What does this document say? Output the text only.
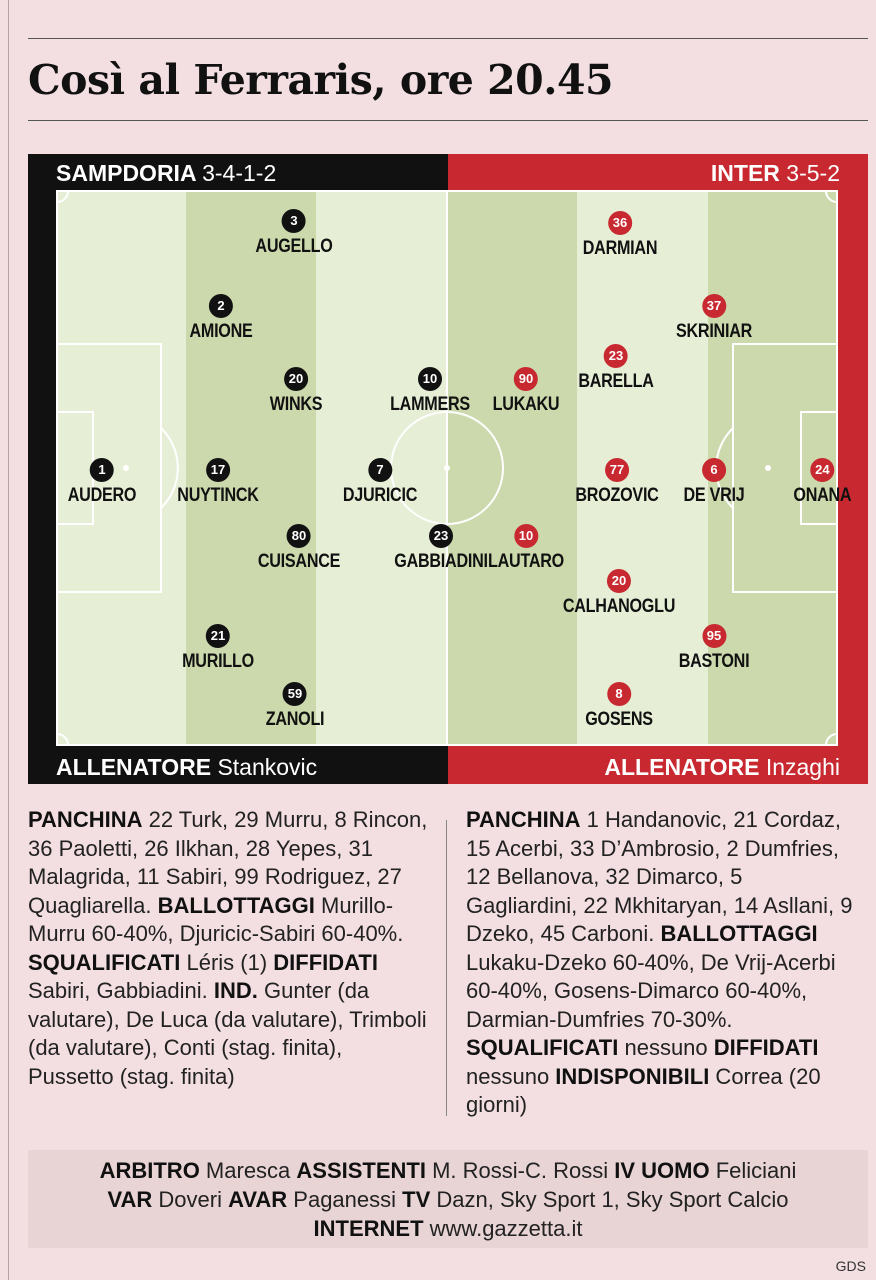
Così al Ferraris, ore 20.45
SAMPDORIA 3-4-1-2	INTER 3-5-2
3
AUGELLO
2
AMIONE
20
WINKS
10
LAMMERS
1
AUDERO
17
NUYTINCK
7
DJURICIC
80
CUISANCE
23
GABBIADINI
21
MURILLO
59
ZANOLI
36
DARMIAN
37
SKRINIAR
23
BARELLA
90
LUKAKU
77
BROZOVIC
6
DE VRIJ
24
ONANA
10
LAUTARO
20
CALHANOGLU
95
BASTONI
8
GOSENS
ALLENATORE Stankovic	ALLENATORE Inzaghi
PANCHINA 22 Turk, 29 Murru, 8 Rincon, 36 Paoletti, 26 Ilkhan, 28 Yepes, 31 Malagrida, 11 Sabiri, 99 Rodriguez, 27 Quagliarella. BALLOTTAGGI Murillo-Murru 60-40%, Djuricic-Sabiri 60-40%. SQUALIFICATI Léris (1) DIFFIDATI Sabiri, Gabbiadini. IND. Gunter (da valutare), De Luca (da valutare), Trimboli (da valutare), Conti (stag. finita), Pussetto (stag. finita)
PANCHINA 1 Handanovic, 21 Cordaz, 15 Acerbi, 33 D’Ambrosio, 2 Dumfries, 12 Bellanova, 32 Dimarco, 5 Gagliardini, 22 Mkhitaryan, 14 Asllani, 9 Dzeko, 45 Carboni. BALLOTTAGGI Lukaku-Dzeko 60-40%, De Vrij-Acerbi 60-40%, Gosens-Dimarco 60-40%, Darmian-Dumfries 70-30%. SQUALIFICATI nessuno DIFFIDATI nessuno INDISPONIBILI Correa (20 giorni)
ARBITRO Maresca ASSISTENTI M. Rossi-C. Rossi IV UOMO Feliciani
VAR Doveri AVAR Paganessi TV Dazn, Sky Sport 1, Sky Sport Calcio
INTERNET www.gazzetta.it
GDS
